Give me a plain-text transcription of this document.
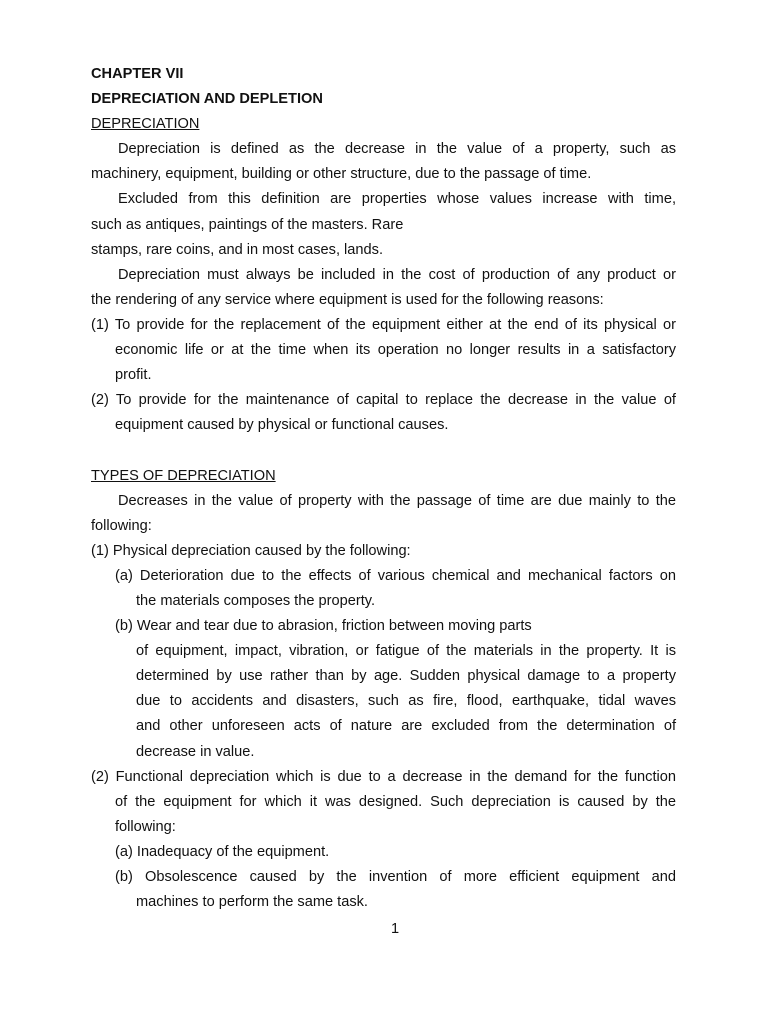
CHAPTER VII
DEPRECIATION AND DEPLETION
DEPRECIATION
Depreciation is defined as the decrease in the value of a property, such as
machinery, equipment, building or other structure, due to the passage of time.
Excluded from this definition are properties whose values increase with time,
such as antiques, paintings of the masters. Rare
stamps, rare coins, and in most cases, lands.
Depreciation must always be included in the cost of production of any product or
the rendering of any service where equipment is used for the following reasons:
(1) To provide for the replacement of the equipment either at the end of its physical or
economic life or at the time when its operation no longer results in a satisfactory
profit.
(2) To provide for the maintenance of capital to replace the decrease in the value of
equipment caused by physical or functional causes.
TYPES OF DEPRECIATION
Decreases in the value of property with the passage of time are due mainly to the
following:
(1) Physical depreciation caused by the following:
(a) Deterioration due to the effects of various chemical and mechanical factors on
the materials composes the property.
(b) Wear and tear due to abrasion, friction between moving parts
of equipment, impact, vibration, or fatigue of the materials in the property. It is
determined by use rather than by age. Sudden physical damage to a property
due to accidents and disasters, such as fire, flood, earthquake, tidal waves
and other unforeseen acts of nature are excluded from the determination of
decrease in value.
(2) Functional depreciation which is due to a decrease in the demand for the function
of the equipment for which it was designed. Such depreciation is caused by the
following:
(a) Inadequacy of the equipment.
(b) Obsolescence caused by the invention of more efficient equipment and
machines to perform the same task.
1
